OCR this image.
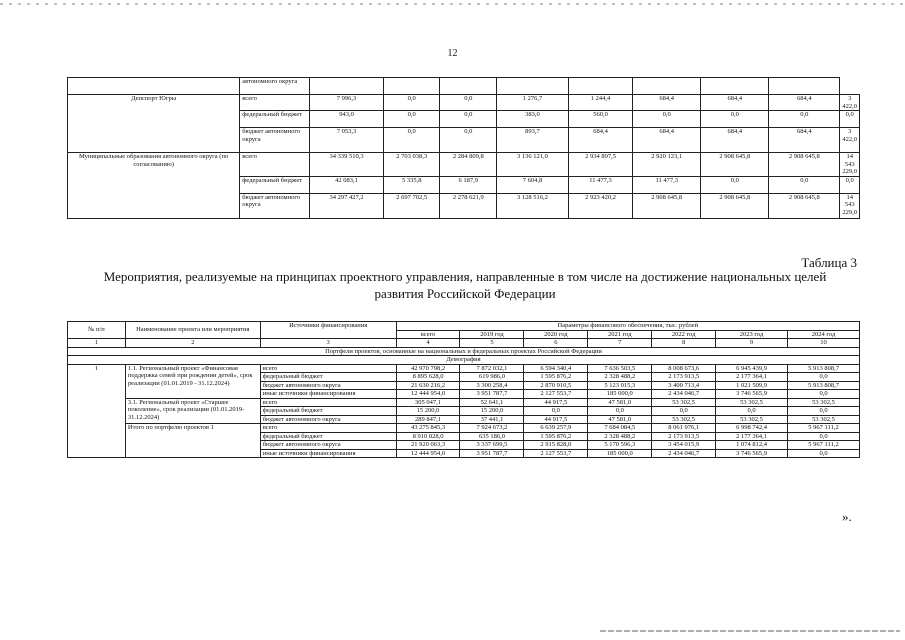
12
	автономного округа									
Депспорт Югры	всего	7 996,3	0,0	0,0	1 276,7	1 244,4	684,4	684,4	684,4	3 422,0
	федеральный бюджет	943,0	0,0	0,0	383,0	560,0	0,0	0,0	0,0	0,0
	бюджет автономного округа	7 053,3	0,0	0,0	893,7	684,4	684,4	684,4	684,4	3 422,0
Муниципальные образования автономного округа (по согласованию)	всего	34 339 510,3	2 703 038,3	2 284 809,8	3 136 121,0	2 934 897,5	2 920 123,1	2 908 645,8	2 908 645,8	14 543 229,0
	федеральный бюджет	42 083,1	5 335,8	6 187,9	7 604,8	11 477,3	11 477,3	0,0	0,0	0,0
	бюджет автономного округа	34 297 427,2	2 697 702,5	2 278 621,9	3 128 516,2	2 923 420,2	2 908 645,8	2 908 645,8	2 908 645,8	14 543 229,0
Таблица 3
Мероприятия, реализуемые на принципах проектного управления, направленные в том числе на достижение национальных целей развития Российской Федерации
№ п/п	Наименование проекта или мероприятия	Источники финансирования	Параметры финансового обеспечения, тыс. рублей						
			всего	2019 год	2020 год	2021 год	2022 год	2023 год	2024 год
1	2	3	4	5	6	7	8	9	10
Портфели проектов, основанные на национальных и федеральных проектах Российской Федерации									
Демография									
1	1.1. Региональный проект «Финансовая поддержка семей при рождении детей», срок реализации (01.01.2019 - 31.12.2024)	всего	42 970 798,2	7 872 032,1	6 594 340,4	7 636 503,5	8 008 673,6	6 945 439,9	5 913 808,7
		федеральный бюджет	8 895 628,0	619 986,0	1 595 876,2	2 328 488,2	2 173 913,5	2 177 364,1	0,0
		бюджет автономного округа	21 630 216,2	3 300 258,4	2 870 910,5	5 123 015,3	3 400 713,4	1 021 509,9	5 913 808,7
		иные источники финансирования	12 444 954,0	3 951 787,7	2 127 553,7	185 000,0	2 434 046,7	3 746 565,9	0,0
	3.1. Региональный проект «Старшее поколение», срок реализации (01.01.2019- 31.12.2024)	всего	305 047,1	52 641,1	44 917,5	47 581,0	53 302,5	53 302,5	53 302,5
		федеральный бюджет	15 200,0	15 200,0	0,0	0,0	0,0	0,0	0,0
		бюджет автономного округа	289 847,1	37 441,1	44 917,5	47 581,0	53 302,5	53 302,5	53 302,5
	Итого по портфелю проектов 1	всего	43 275 845,3	7 924 673,2	6 639 257,9	7 684 084,5	8 061 976,1	6 998 742,4	5 967 111,2
		федеральный бюджет	8 910 828,0	635 186,0	1 595 876,2	2 328 488,2	2 173 913,5	2 177 364,1	0,0
		бюджет автономного округа	21 920 063,3	3 337 699,5	2 915 828,0	5 170 596,3	3 454 015,9	1 074 812,4	5 967 111,2
		иные источники финансирования	12 444 954,0	3 951 787,7	2 127 553,7	185 000,0	2 434 046,7	3 746 565,9	0,0
».
